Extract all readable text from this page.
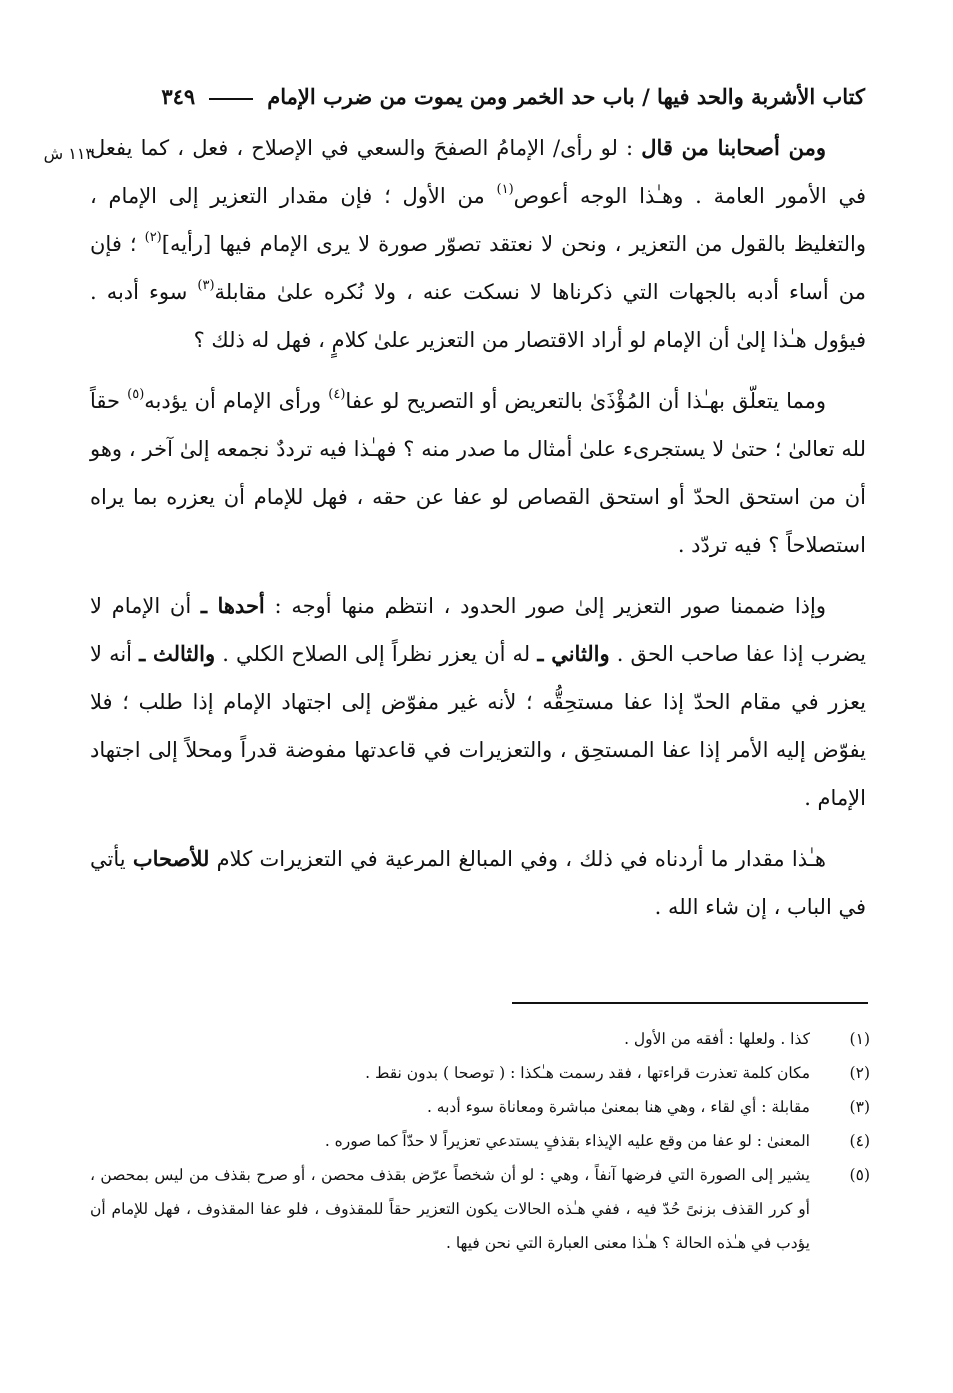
كتاب الأشربة والحد فيها / باب حد الخمر ومن يموت من ضرب الإمام
٣٤٩
١١٣ ش	ومن أصحابنا من قال : لو رأى/ الإمامُ الصفحَ والسعي في الإصلاح ، فعل ، كما يفعل في الأمور العامة . وهـٰذا الوجه أعوص$^{(١)}$ من الأول ؛ فإن مقدار التعزير إلى الإمام ، والتغليظ بالقول من التعزير ، ونحن لا نعتقد تصوّر صورة لا يرى الإمام فيها [رأيه]$^{(٢)}$ ؛ فإن من أساء أدبه بالجهات التي ذكرناها لا نسكت عنه ، ولا نُكره علىٰ مقابلة$^{(٣)}$ سوء أدبه . فيؤول هـٰذا إلىٰ أن الإمام لو أراد الاقتصار من التعزير علىٰ كلامٍ ، فهل له ذلك ؟

ومما يتعلّق بهـٰذا أن المُؤْذَىٰ بالتعريض أو التصريح لو عفا$^{(٤)}$ ورأى الإمام أن يؤدبه$^{(٥)}$ حقاً لله تعالىٰ ؛ حتىٰ لا يستجرىء علىٰ أمثال ما صدر منه ؟ فهـٰذا فيه ترددٌ نجمعه إلىٰ آخر ، وهو أن من استحق الحدّ أو استحق القصاص لو عفا عن حقه ، فهل للإمام أن يعزره بما يراه استصلاحاً ؟ فيه تردّد .

وإذا ضممنا صور التعزير إلىٰ صور الحدود ، انتظم منها أوجه : أحدها ـ أن الإمام لا يضرب إذا عفا صاحب الحق . والثاني ـ له أن يعزر نظراً إلى الصلاح الكلي . والثالث ـ أنه لا يعزر في مقام الحدّ إذا عفا مستحِقُّه ؛ لأنه غير مفوّض إلى اجتهاد الإمام إذا طلب ؛ فلا يفوّض إليه الأمر إذا عفا المستحِق ، والتعزيرات في قاعدتها مفوضة قدراً ومحلاً إلى اجتهاد الإمام .

هـٰذا مقدار ما أردناه في ذلك ، وفي المبالغ المرعية في التعزيرات كلام للأصحاب يأتي في الباب ، إن شاء الله .

(١)
كذا . ولعلها : أفقه من الأول .
(٢)
مكان كلمة تعذرت قراءتها ، فقد رسمت هـٰكذا : ( توصحا ) بدون نقط .
(٣)
مقابلة : أي لقاء ، وهي هنا بمعنىٰ مباشرة ومعاناة سوء أدبه .
(٤)
المعنىٰ : لو عفا من وقع عليه الإيذاء بقذفٍ يستدعي تعزيراً لا حدّاً كما صوره .
(٥)
يشير إلى الصورة التي فرضها آنفاً ، وهي : لو أن شخصاً عرّض بقذف محصن ، أو صرح بقذف من ليس بمحصن ، أو كرر القذف بزنىً حُدّ فيه ، ففي هـٰذه الحالات يكون التعزير حقاً للمقذوف ، فلو عفا المقذوف ، فهل للإمام أن يؤدب في هـٰذه الحالة ؟ هـٰذا معنى العبارة التي نحن فيها .
